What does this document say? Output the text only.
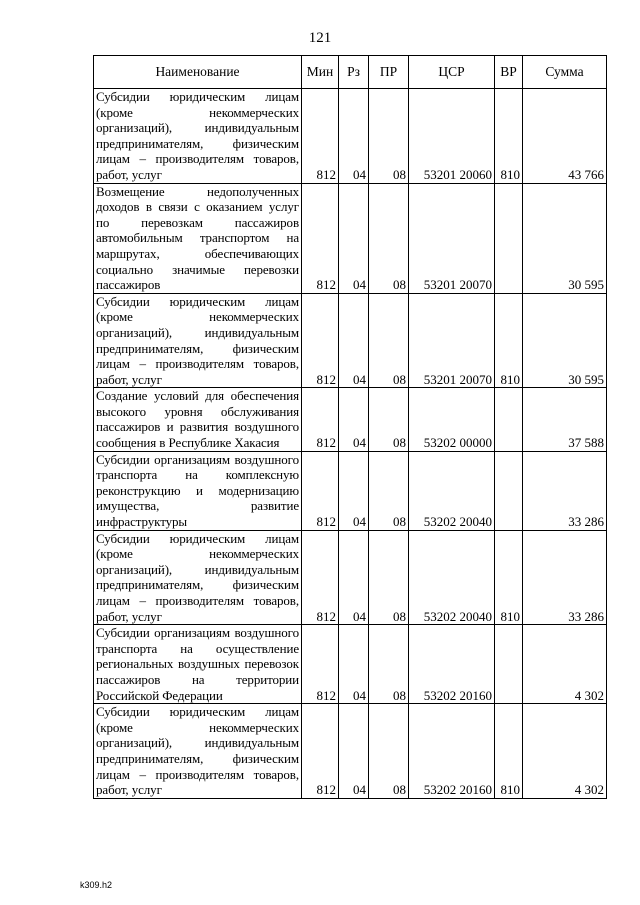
121
Наименование	Мин	Рз	ПР	ЦСР	ВР	Сумма
Субсидии юридическим лицам (кроме некоммерческих организаций), индивидуальным предпринимателям, физическим лицам – производителям товаров, работ, услуг	812	04	08	53201 20060	810	43 766
Возмещение недополученных доходов в связи с оказанием услуг по перевозкам пассажиров автомобильным транспортом на маршрутах, обеспечивающих социально значимые перевозки пассажиров	812	04	08	53201 20070		30 595
Субсидии юридическим лицам (кроме некоммерческих организаций), индивидуальным предпринимателям, физическим лицам – производителям товаров, работ, услуг	812	04	08	53201 20070	810	30 595
Создание условий для обеспечения высокого уровня обслуживания пассажиров и развития воздушного сообщения в Республике Хакасия	812	04	08	53202 00000		37 588
Субсидии организациям воздушного транспорта на комплексную реконструкцию и модернизацию имущества, развитие инфраструктуры	812	04	08	53202 20040		33 286
Субсидии юридическим лицам (кроме некоммерческих организаций), индивидуальным предпринимателям, физическим лицам – производителям товаров, работ, услуг	812	04	08	53202 20040	810	33 286
Субсидии организациям воздушного транспорта на осуществление региональных воздушных перевозок пассажиров на территории Российской Федерации	812	04	08	53202 20160		4 302
Субсидии юридическим лицам (кроме некоммерческих организаций), индивидуальным предпринимателям, физическим лицам – производителям товаров, работ, услуг	812	04	08	53202 20160	810	4 302
k309.h2
